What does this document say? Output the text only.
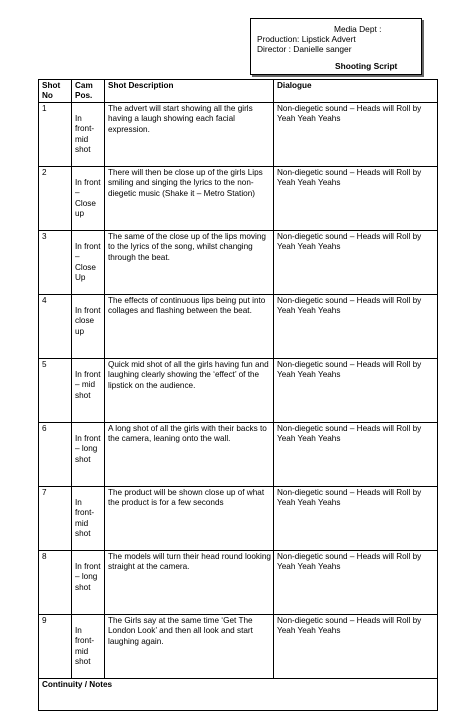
Media Dept :
Production: Lipstick Advert
Director : Danielle sanger
Shooting Script
Shot No	Cam Pos.	Shot Description	Dialogue

1	In front- mid shot	The advert will start showing all the girls having a laugh showing each facial expression.	Non-diegetic sound – Heads will Roll by Yeah Yeah Yeahs

2	In front – Close up	There will then be close up of the girls Lips smiling and singing the lyrics to the non-diegetic music (Shake it – Metro Station)	Non-diegetic sound – Heads will Roll by Yeah Yeah Yeahs

3	In front – Close Up	The same of the close up of the lips moving to the lyrics of the song, whilst changing through the beat.	Non-diegetic sound – Heads will Roll by Yeah Yeah Yeahs

4	In front close up	The effects of continuous lips being put into collages and flashing between the beat.	Non-diegetic sound – Heads will Roll by Yeah Yeah Yeahs

5	In front – mid shot	Quick mid shot of all the girls having fun and laughing clearly showing the ‘effect’ of the lipstick on the audience.	Non-diegetic sound – Heads will Roll by Yeah Yeah Yeahs

6	In front – long shot	A long shot of all the girls with their backs to the camera, leaning onto the wall.	Non-diegetic sound – Heads will Roll by Yeah Yeah Yeahs

7	In front- mid shot	The product will be shown close up of what the product is for a few seconds	Non-diegetic sound – Heads will Roll by Yeah Yeah Yeahs

8	In front – long shot	The models will turn their head round looking straight at the camera.	Non-diegetic sound – Heads will Roll by Yeah Yeah Yeahs

9	In front- mid shot	The Girls say at the same time ‘Get The London Look’ and then all look and start laughing again.	Non-diegetic sound – Heads will Roll by Yeah Yeah Yeahs

Continuity / Notes			
